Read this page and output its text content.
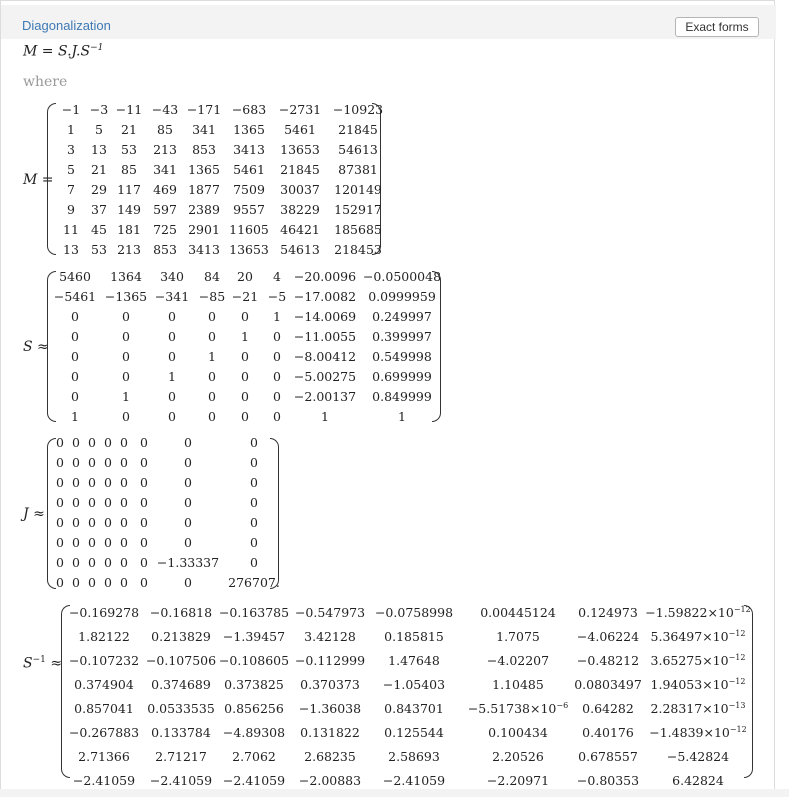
Diagonalization	Exact forms
$M = S.J.S^{-1}$
where
M =
−1 −3 −11 −43 −171 −683 −2731 −10923
1 5 21 85 341 1365 5461 21845
3 13 53 213 853 3413 13653 54613
5 21 85 341 1365 5461 21845 87381
7 29 117 469 1877 7509 30037 120149
9 37 149 597 2389 9557 38229 152917
11 45 181 725 2901 11605 46421 185685
13 53 213 853 3413 13653 54613 218453
S ≈
5460 1364 340 84 20 4 −20.0096 −0.0500048
−5461 −1365 −341 −85 −21 −5 −17.0082 0.0999959
0	0	0	0 0 1 −14.0069 0.249997
0	0	0	0 1 0 −11.0055 0.399997
0	0	0	1 0 0 −8.00412 0.549998
0	0	1	0 0 0 −5.00275 0.699999
0	1	0	0 0 0 −2.00137 0.849999
1	0	0	0 0 0	1	1
J ≈
0 0 0 0 0 0	0	0
0 0 0 0 0 0	0	0
0 0 0 0 0 0	0	0
0 0 0 0 0 0	0	0
0 0 0 0 0 0	0	0
0 0 0 0 0 0	0	0
0 0 0 0 0 0 −1.33337 0
0 0 0 0 0 0	0	276707.
$S^{-1}$ ≈
−0.169278 −0.16818 −0.163785 −0.547973 −0.0758998 0.00445124 $0.124973 -1.59822\times 10^{-12}$
1.82122 0.213829 −1.39457 3.42128 0.185815	1.7075	−4.06224 $5.36497\times 10^{-12}$
−0.107232 −0.107506 −0.108605 −0.112999 1.47648	−4.02207 −0.48212 $3.65275\times 10^{-12}$
0.374904 0.374689 0.373825 0.370373 −1.05403	1.10485 0.0803497 $1.94053\times 10^{-12}$
0.857041 0.0533535 0.856256 −1.36038 $0.843701 -5.51738\times 10^{-6}$ 0.64282 $2.28317\times 10^{-13}$
−0.267883 0.133784 −4.89308 0.131822 0.125544	0.100434	$0.40176 -1.4839\times 10^{-12}$
2.71366 2.71217 2.7062 2.68235	2.58693	2.20526	0.678557 −5.42824
−2.41059 −2.41059 −2.41059 −2.00883 −2.41059	−2.20971 −0.80353	6.42824
